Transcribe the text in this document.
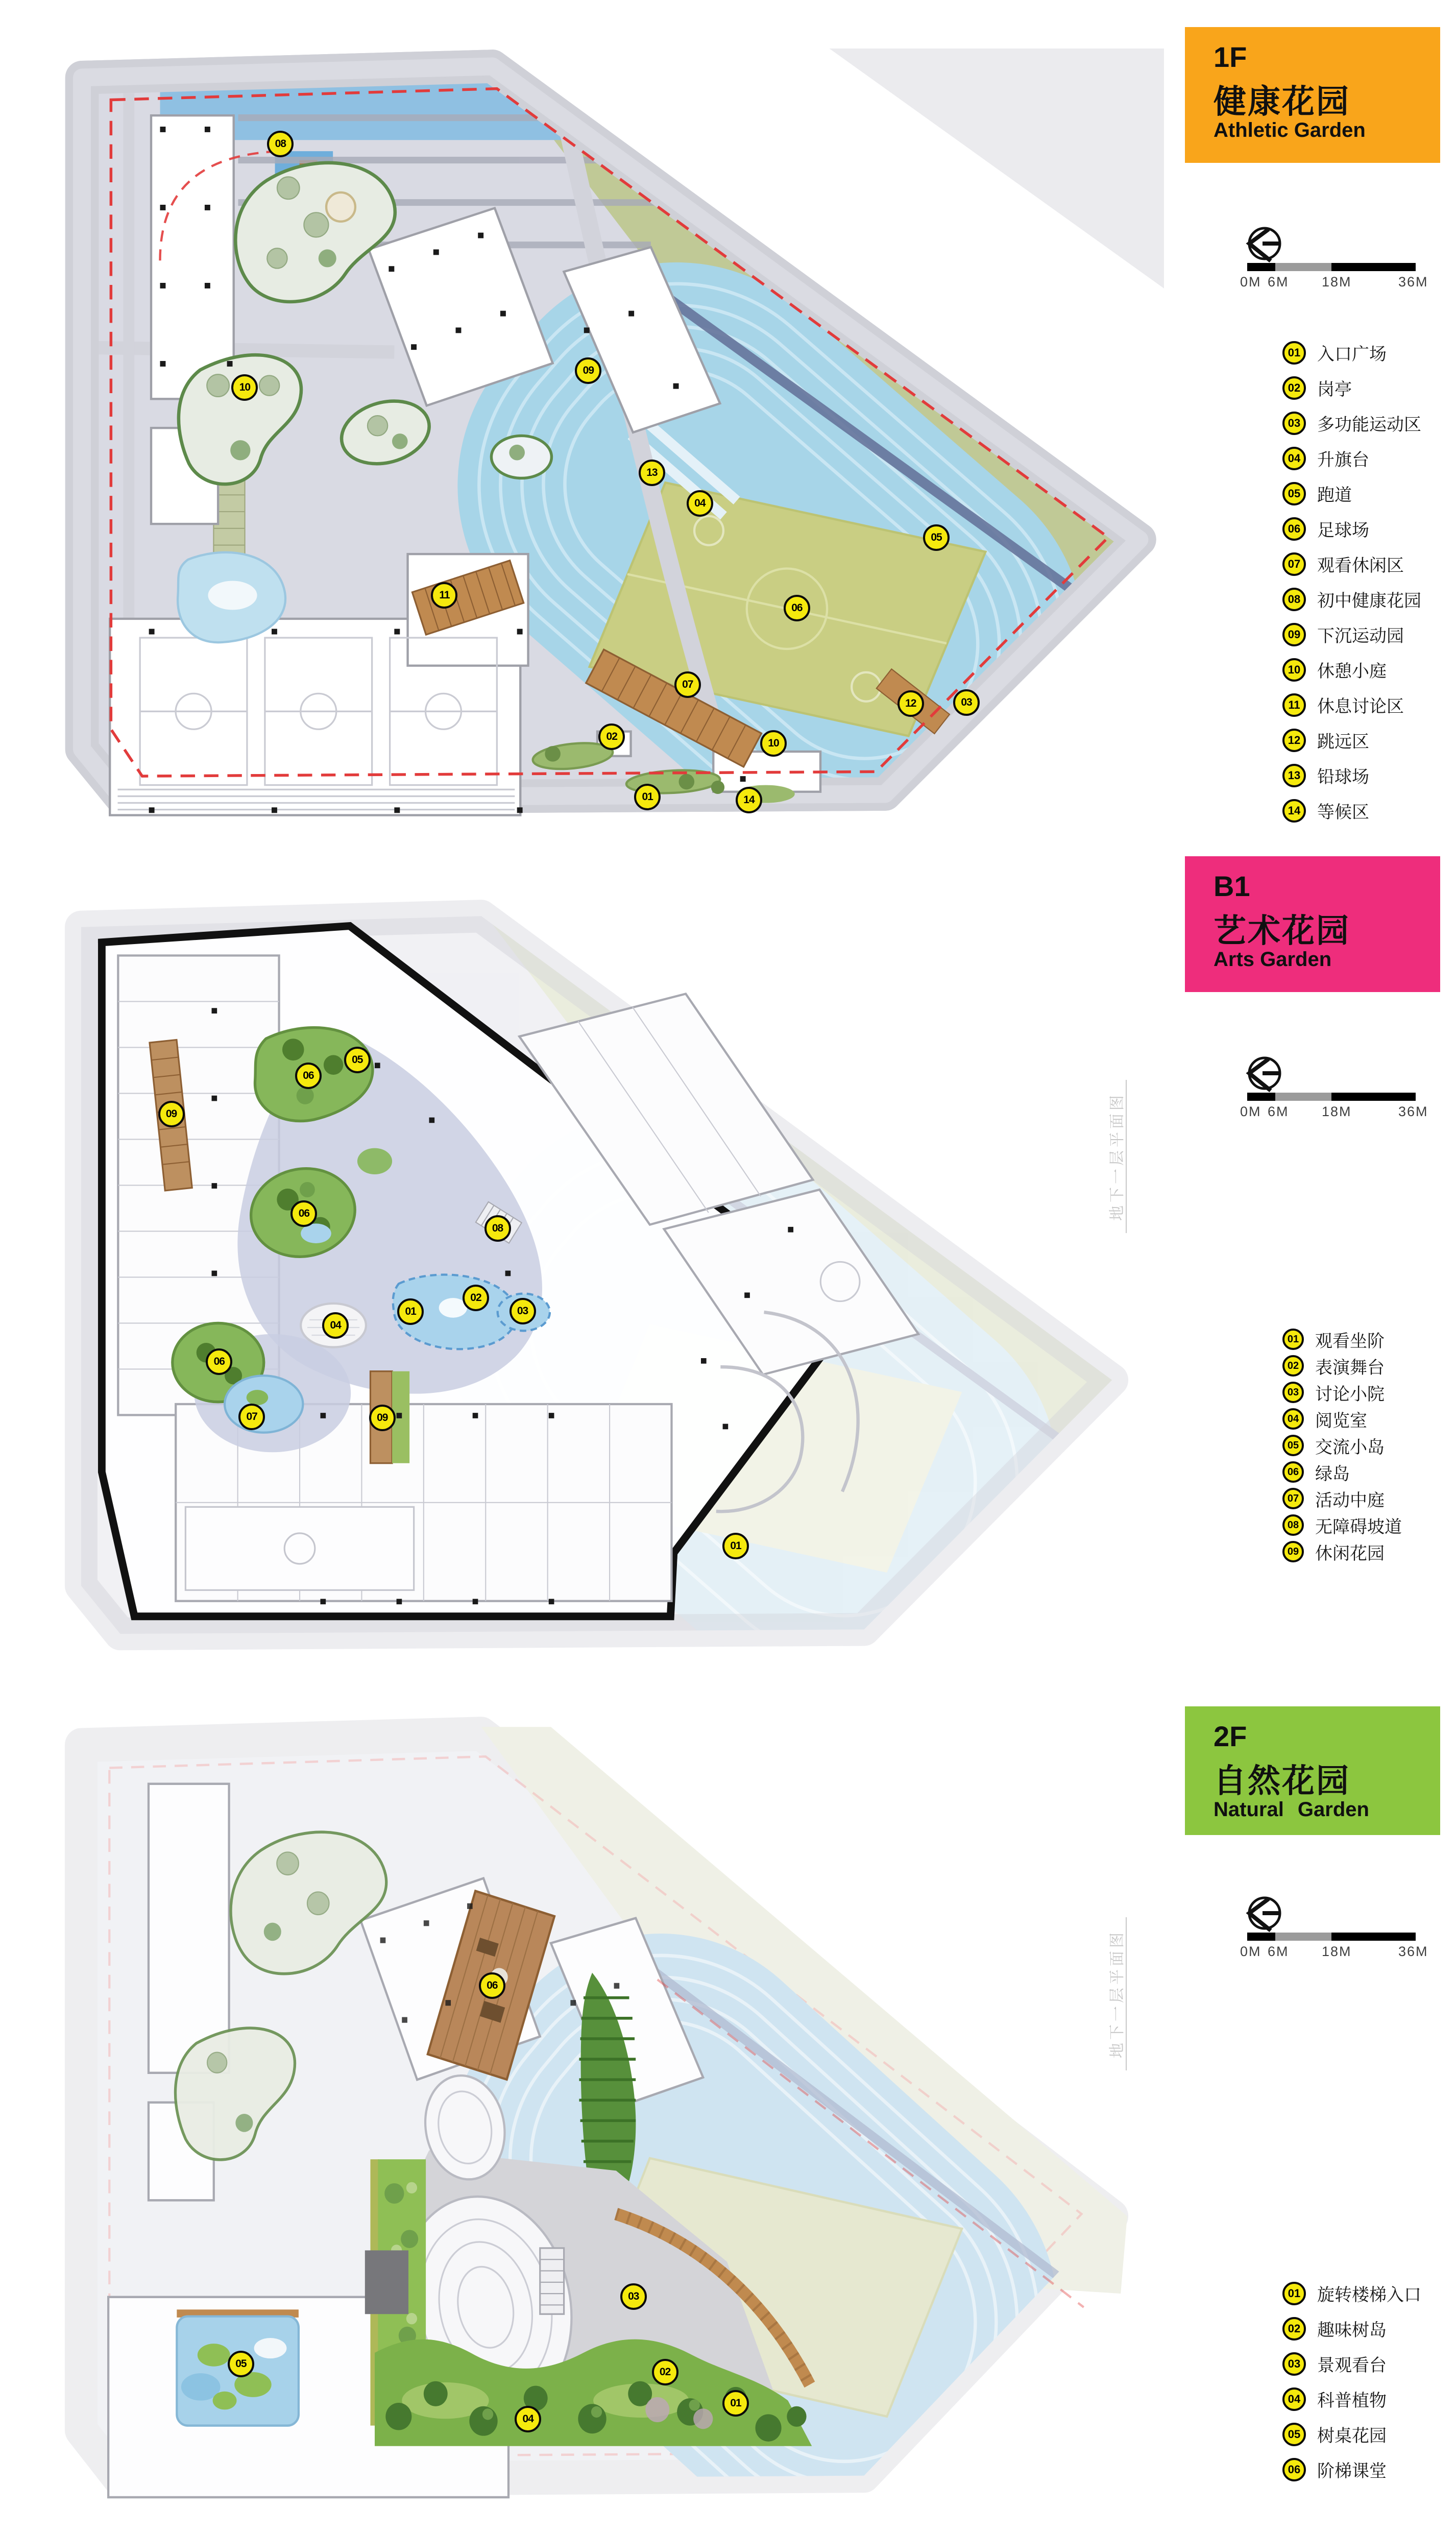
08
09
10
13
04
05
11
06
07
12	03
02
10
01	14
1F
健康花园
Athletic Garden
0M 6M 18M	36M
01 入口广场
02 岗亭
03 多功能运动区
04 升旗台
05 跑道
06 足球场
07 观看休闲区
08 初中健康花园
09 下沉运动园
10 休憩小庭
11 休息讨论区
12 跳远区
13 铅球场
14 等候区
05
06
09
06
08
01
02
03
04
06
07	09
01
B1
艺术花园
Arts Garden
0M 6M 18M	36M
01 观看坐阶
02 表演舞台
03 讨论小院
04 阅览室
05 交流小岛
06 绿岛
07 活动中庭
08 无障碍坡道
09 休闲花园
地下一层平面图
06
03
05
02
01
04
2F
自然花园
Natural Garden
0M 6M 18M	36M
01 旋转楼梯入口
02 趣味树岛
03 景观看台
04 科普植物
05 树桌花园
06 阶梯课堂
地下一层平面图
